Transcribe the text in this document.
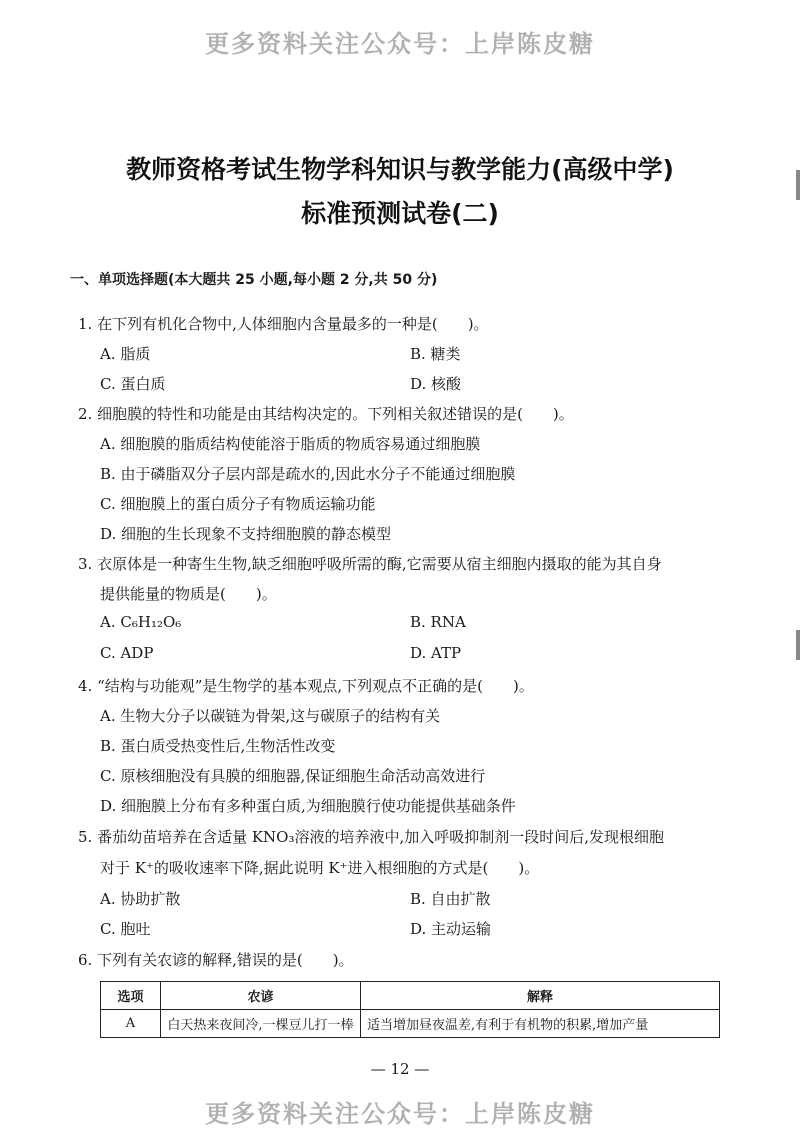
更多资料关注公众号：上岸陈皮糖
教师资格考试生物学科知识与教学能力(高级中学)
标准预测试卷(二)
一、单项选择题(本大题共 25 小题,每小题 2 分,共 50 分)
1. 在下列有机化合物中,人体细胞内含量最多的一种是(　　)。
A. 脂质	B. 糖类
C. 蛋白质	D. 核酸
2. 细胞膜的特性和功能是由其结构决定的。下列相关叙述错误的是(　　)。
A. 细胞膜的脂质结构使能溶于脂质的物质容易通过细胞膜
B. 由于磷脂双分子层内部是疏水的,因此水分子不能通过细胞膜
C. 细胞膜上的蛋白质分子有物质运输功能
D. 细胞的生长现象不支持细胞膜的静态模型
3. 衣原体是一种寄生生物,缺乏细胞呼吸所需的酶,它需要从宿主细胞内摄取的能为其自身
提供能量的物质是(　　)。
A. C₆H₁₂O₆	B. RNA
C. ADP	D. ATP
4. “结构与功能观”是生物学的基本观点,下列观点不正确的是(　　)。
A. 生物大分子以碳链为骨架,这与碳原子的结构有关
B. 蛋白质受热变性后,生物活性改变
C. 原核细胞没有具膜的细胞器,保证细胞生命活动高效进行
D. 细胞膜上分布有多种蛋白质,为细胞膜行使功能提供基础条件
5. 番茄幼苗培养在含适量 KNO₃溶液的培养液中,加入呼吸抑制剂一段时间后,发现根细胞
对于 K⁺的吸收速率下降,据此说明 K⁺进入根细胞的方式是(　　)。
A. 协助扩散	B. 自由扩散
C. 胞吐	D. 主动运输
6. 下列有关农谚的解释,错误的是(　　)。
选项	农谚	解释
A	白天热来夜间冷,一棵豆儿打一棒	适当增加昼夜温差,有利于有机物的积累,增加产量
— 12 —
更多资料关注公众号：上岸陈皮糖
